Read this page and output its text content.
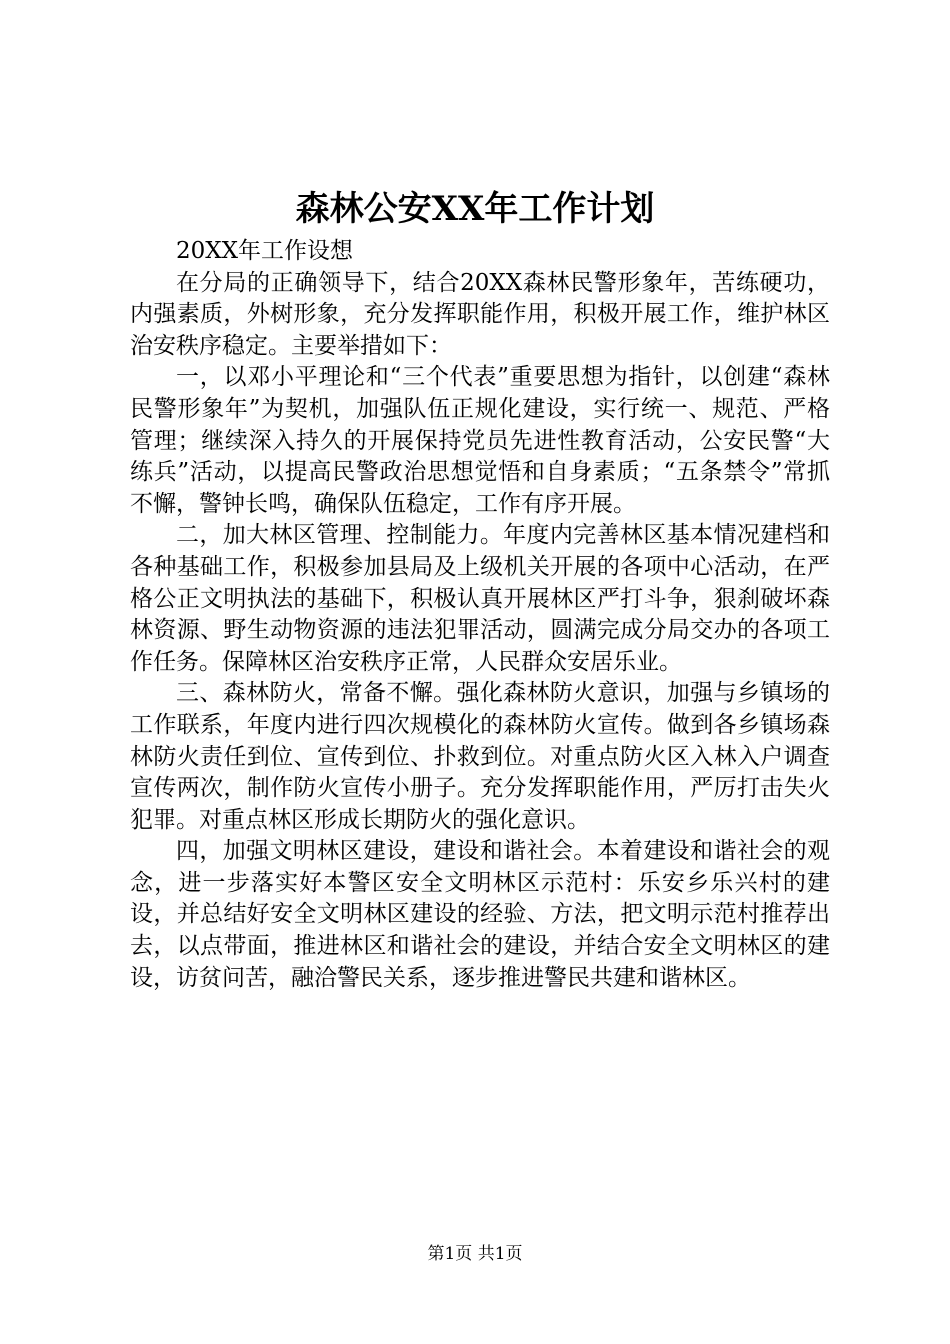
森林公安XX年工作计划

20XX年工作设想

在分局的正确领导下，结合20XX森林民警形象年，苦练硬功，内强素质，外树形象，充分发挥职能作用，积极开展工作，维护林区治安秩序稳定。主要举措如下：

一，以邓小平理论和“三个代表”重要思想为指针，以创建“森林民警形象年”为契机，加强队伍正规化建设，实行统一、规范、严格管理；继续深入持久的开展保持党员先进性教育活动，公安民警“大练兵”活动，以提高民警政治思想觉悟和自身素质；“五条禁令”常抓不懈，警钟长鸣，确保队伍稳定，工作有序开展。

二，加大林区管理、控制能力。年度内完善林区基本情况建档和各种基础工作，积极参加县局及上级机关开展的各项中心活动，在严格公正文明执法的基础下，积极认真开展林区严打斗争，狠刹破坏森林资源、野生动物资源的违法犯罪活动，圆满完成分局交办的各项工作任务。保障林区治安秩序正常，人民群众安居乐业。

三、森林防火，常备不懈。强化森林防火意识，加强与乡镇场的工作联系，年度内进行四次规模化的森林防火宣传。做到各乡镇场森林防火责任到位、宣传到位、扑救到位。对重点防火区入林入户调查宣传两次，制作防火宣传小册子。充分发挥职能作用，严厉打击失火犯罪。对重点林区形成长期防火的强化意识。

四，加强文明林区建设，建设和谐社会。本着建设和谐社会的观念，进一步落实好本警区安全文明林区示范村：乐安乡乐兴村的建设，并总结好安全文明林区建设的经验、方法，把文明示范村推荐出去，以点带面，推进林区和谐社会的建设，并结合安全文明林区的建设，访贫问苦，融洽警民关系，逐步推进警民共建和谐林区。

第1页 共1页
